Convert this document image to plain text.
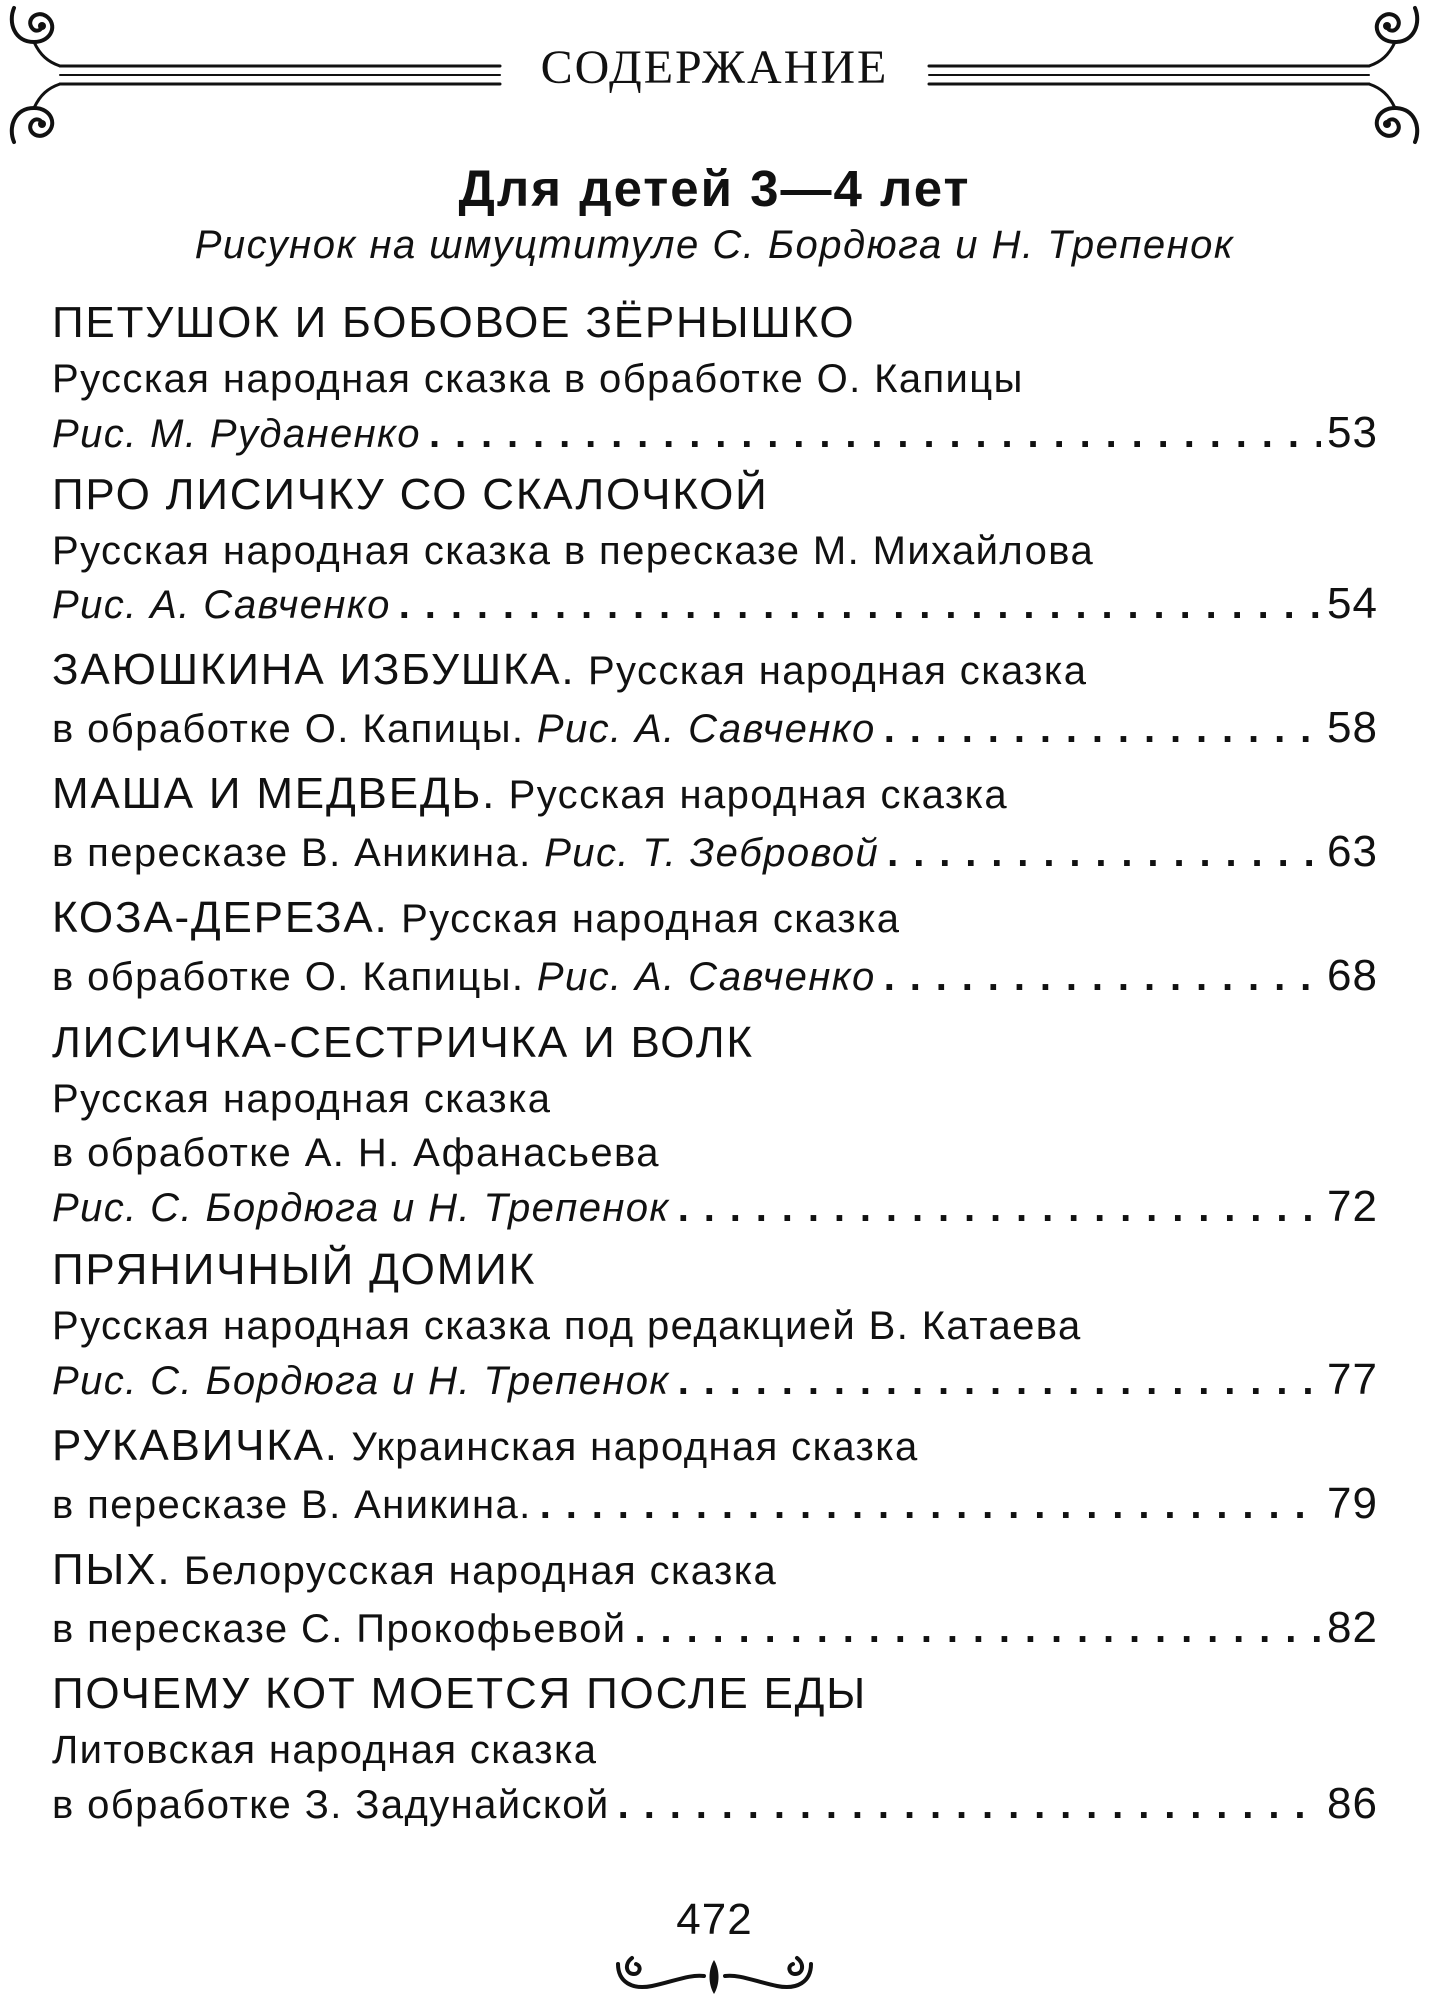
СОДЕРЖАНИЕ
Для детей 3—4 лет
Рисунок на шмуцтитуле С. Бордюга и Н. Трепенок
ПЕТУШОК И БОБОВОЕ ЗЁРНЫШКО
Русская народная сказка в обработке О. Капицы
Рис. М. Руданенко . . .	53
ПРО ЛИСИЧКУ СО СКАЛОЧКОЙ
Русская народная сказка в пересказе М. Михайлова
Рис. А. Савченко . . .	54
ЗАЮШКИНА ИЗБУШКА. Русская народная сказка
в обработке О. Капицы.
Рис. А. Савченко . . .	58
МАША И МЕДВЕДЬ. Русская народная сказка
в пересказе В. Аникина.
Рис. Т. Зебровой . . .	63
КОЗА-ДЕРЕЗА. Русская народная сказка
в обработке О. Капицы.
Рис. А. Савченко . . .	68
ЛИСИЧКА-СЕСТРИЧКА И ВОЛК
Русская народная сказка
в обработке А. Н. Афанасьева
Рис. С. Бордюга и Н. Трепенок . . .	72
ПРЯНИЧНЫЙ ДОМИК
Русская народная сказка под редакцией В. Катаева
Рис. С. Бордюга и Н. Трепенок . . .	77
РУКАВИЧКА. Украинская народная сказка
в пересказе В. Аникина. . . .	79
ПЫХ. Белорусская народная сказка
в пересказе С. Прокофьевой . . .	82
ПОЧЕМУ КОТ МОЕТСЯ ПОСЛЕ ЕДЫ
Литовская народная сказка
в обработке З. Задунайской . . .	86
472
